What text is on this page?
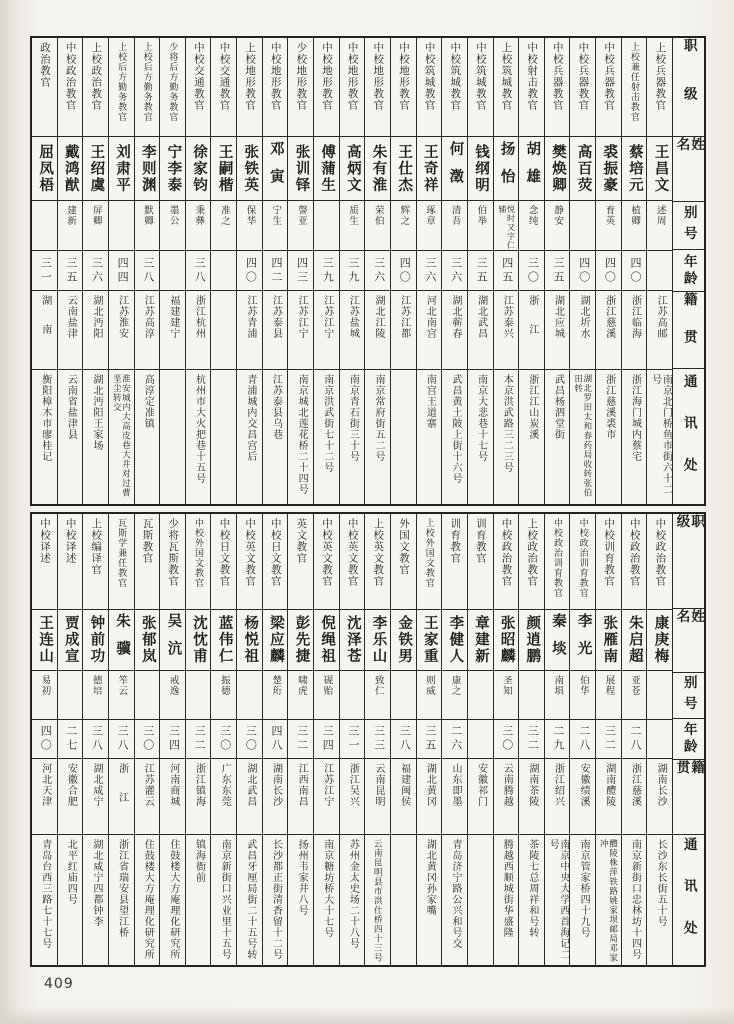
职级
姓名
别号
年龄
籍贯
通讯处
上校兵器教官
王昌文
述周
江苏高邮
南京北门桥鱼市街六十二号
上校兼任射击教官
蔡培元
植卿
四〇
浙江临海
浙江海门城内蔡宅
中校兵器教官
裘振豪
育英
四〇
浙江慈溪
浙江慈溪裘市
中校兵器教官
高百荧
四〇
湖北圻水
湖北罗田太和春药局收转张伯田转
中校兵器教官
樊焕卿
静安
三五
湖北应城
武昌杨泗堂街
中校射击教官
胡雄
念纯
三〇
浙江
浙江江山炭溪
上校筑城教官
扬怡
悦时又字仁辅
四五
江苏泰兴
本京洪武路三二三号
中校筑城教官
钱纲明
伯举
三五
湖北武昌
南京大悲巷十七号
中校筑城教官
何澂
清吾
三六
湖北蕲春
武昌黄土陂上街十六号
中校筑城教官
王奇祥
琢章
三六
河北南宫
南宫王道寨
中校地形教官
王仕杰
辉之
四〇
江苏江都
中校地形教官
朱有淮
荣伯
三六
湖北江陵
南京常府街五二号
中校地形教官
高炳文
质生
三九
江苏盐城
南京青石街三十号
中校地形教官
傅蒲生
三九
江苏江宁
南京洪武街七十二号
少校地形教官
张训铎
謦亚
四三
江苏江宁
南京城北莲花桥二十四号
中校地形教官
邓寅
宁生
四二
江苏泰县
江苏泰县乌巷
上校地形教官
张铁英
保华
四〇
江苏青浦
青浦城内交昌宫后
中校交通教官
王嗣楷
准之
中校交通教官
徐家钧
秉彝
三八
浙江杭州
杭州市大火把巷十五号
少将后方勤务教官
宁李泰
墨公
福建建宁
上校后方勤务教官
李则渊
默卿
三八
江苏高淳
高淳定准镇
上校后方勤务教官
刘肃平
四四
江苏淮安
淮安城内大高皮巷大井对过曹垩尘转交
上校政治教官
王绍虞
屏卿
三六
湖北沔阳
湖北沔阳王家场
中校政治教官
戴鸿猷
建新
三五
云南盐津
云南省盐津县
政治教官
屈凤梧
三一
湖南
衡阳樟木市廖桂记
职级
姓名
别号
年龄
籍贯
通讯处
中校政治教官
康庚梅
湖南长沙
长沙东长街五十号
中校政治教官
朱启超
亚苍
二八
浙江慈溪
南京新街口忠林坊十四号
中校训育教官
张雁南
展程
三二
湖南醴陵
醴陵株萍铁路姚家坝邮局邓家冲
中校政治训育教官
李光
伯华
二八
安徽绩溪
南京管家桥四十九号
中校政治训育教官
秦埮
南埧
二九
浙江绍兴
南京中央大学西首海记二号
上校政治教官
颜逍鹏
三二
湖南茶陵
茶陵七总周祥和号转
中校政治教官
张昭麟
圣知
三〇
云南腾越
腾越西顺城街华盛隆
训育教官
章建新
安徽祁门
训育教官
李健人
康之
二六
山东即墨
青岛济宁路公兴和号交
上校外国文教官
王家重
则威
三五
湖北黄冈
湖北黄冈孙家嘴
外国文教官
金铁男
三八
福建闽侯
上校英文教官
李乐山
致仁
三三
云南昆明
云南昆明县市洪仕桥四十三号
中校英文教官
沈泽苍
三一
浙江吴兴
苏州金太史场二十八号
中校英文教官
倪绳祖
砚贻
三四
江苏江宁
南京糖坊桥大十七号
英文教官
彭先捷
啸虎
三二
江西南昌
扬州韦家井八号
中校日文教官
梁应麟
楚珩
四八
湖南长沙
长沙都正街清香留十二号
中校英文教官
杨悦祖
三〇
湖北武昌
武昌牙厘局街二十五号转
中校日文教官
蓝伟仁
振德
三〇
广东东莞
南京新街口兴业里十五号
中校外国文教官
沈忱甫
三二
浙江镇海
镇海衙前
少将瓦斯教官
吴沆
戒逸
三四
河南商城
住鼓楼大方庵理化研究所
瓦斯教官
张郁岚
三〇
江苏灌云
住鼓楼大方庵理化研究所
瓦斯学兼任教官
朱骥
笮云
三八
浙江
浙江省瑞安县望江桥
上校编译官
钟前功
德培
三八
湖北咸宁
湖北咸宁四都钟李
中校译述
贾成宣
二七
安徽合肥
北平红庙四号
中校译述
王连山
易初
四〇
河北天津
青岛台西三路七十七号
409
